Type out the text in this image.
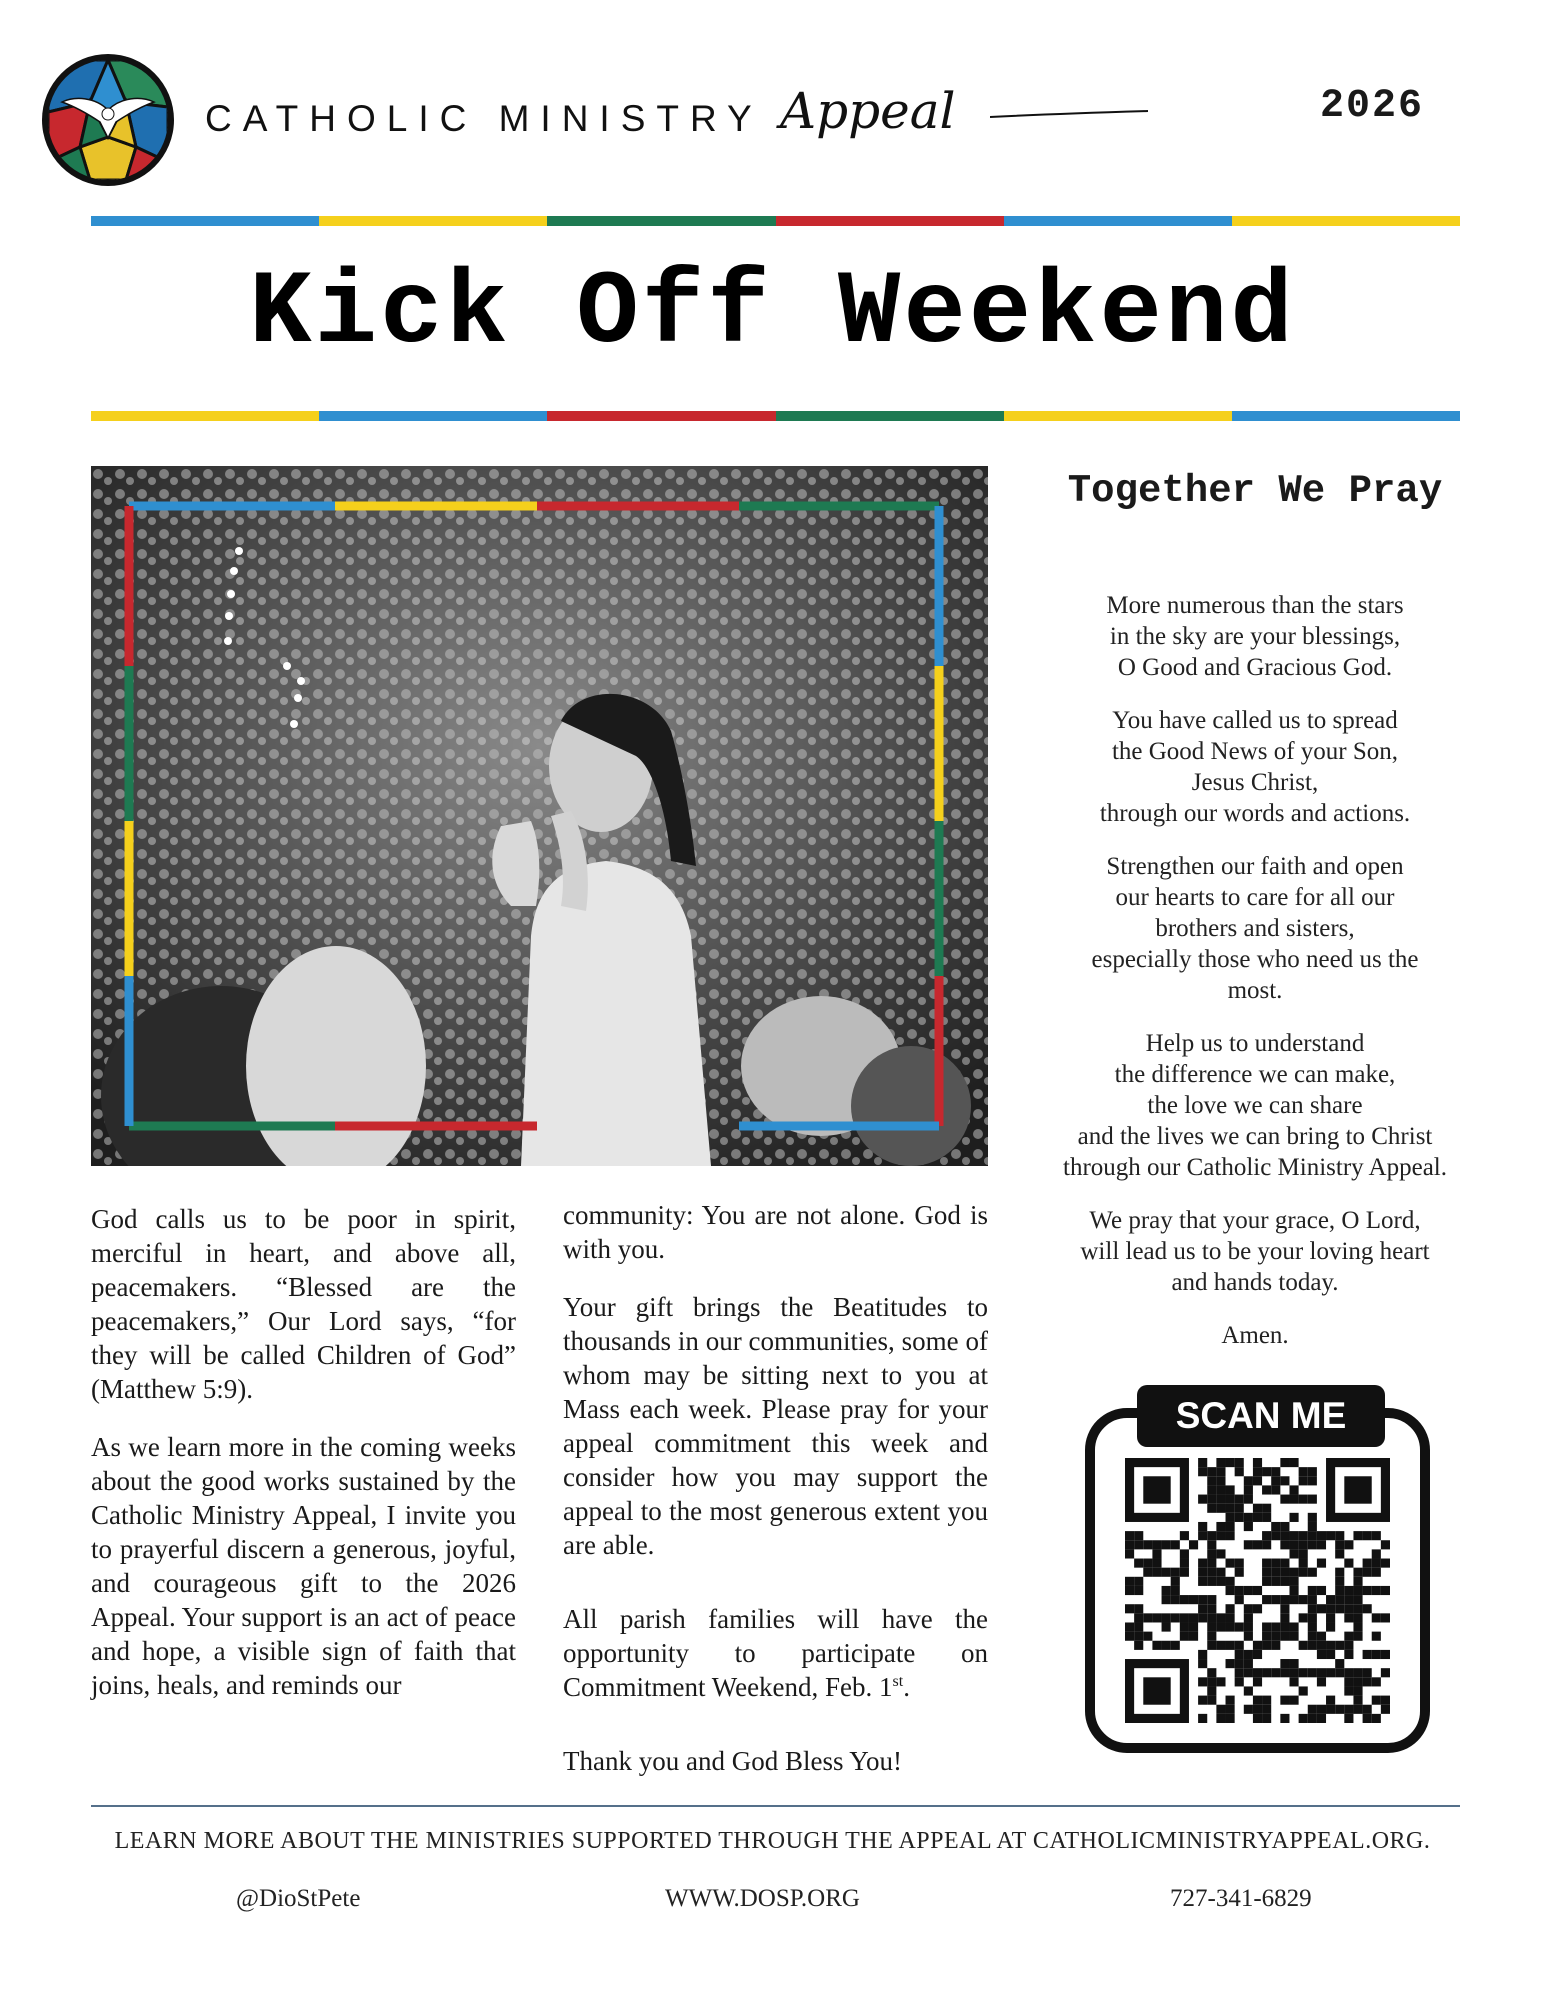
CATHOLIC MINISTRY Appeal	2026
Kick Off Weekend

God calls us to be poor in spirit, merciful in heart, and above all, peacemakers. “Blessed are the peacemakers,” Our Lord says, “for they will be called Children of God” (Matthew 5:9).

As we learn more in the coming weeks about the good works sustained by the Catholic Ministry Appeal, I invite you to prayerful discern a generous, joyful, and courageous gift to the 2026 Appeal. Your support is an act of peace and hope, a visible sign of faith that joins, heals, and reminds our

community: You are not alone. God is with you.

Your gift brings the Beatitudes to thousands in our communities, some of whom may be sitting next to you at Mass each week. Please pray for your appeal commitment this week and consider how you may support the appeal to the most generous extent you are able.

All parish families will have the opportunity to participate on Commitment Weekend, Feb. 1st.

Thank you and God Bless You!

Together We Pray

More numerous than the stars
in the sky are your blessings,
O Good and Gracious God.

You have called us to spread
the Good News of your Son,
Jesus Christ,
through our words and actions.

Strengthen our faith and open
our hearts to care for all our
brothers and sisters,
especially those who need us the
most.

Help us to understand
the difference we can make,
the love we can share
and the lives we can bring to Christ
through our Catholic Ministry Appeal.

We pray that your grace, O Lord,
will lead us to be your loving heart
and hands today.

Amen.

SCAN ME
LEARN MORE ABOUT THE MINISTRIES SUPPORTED THROUGH THE APPEAL AT CATHOLICMINISTRYAPPEAL.ORG.
@DioStPete	WWW.DOSP.ORG	727-341-6829
